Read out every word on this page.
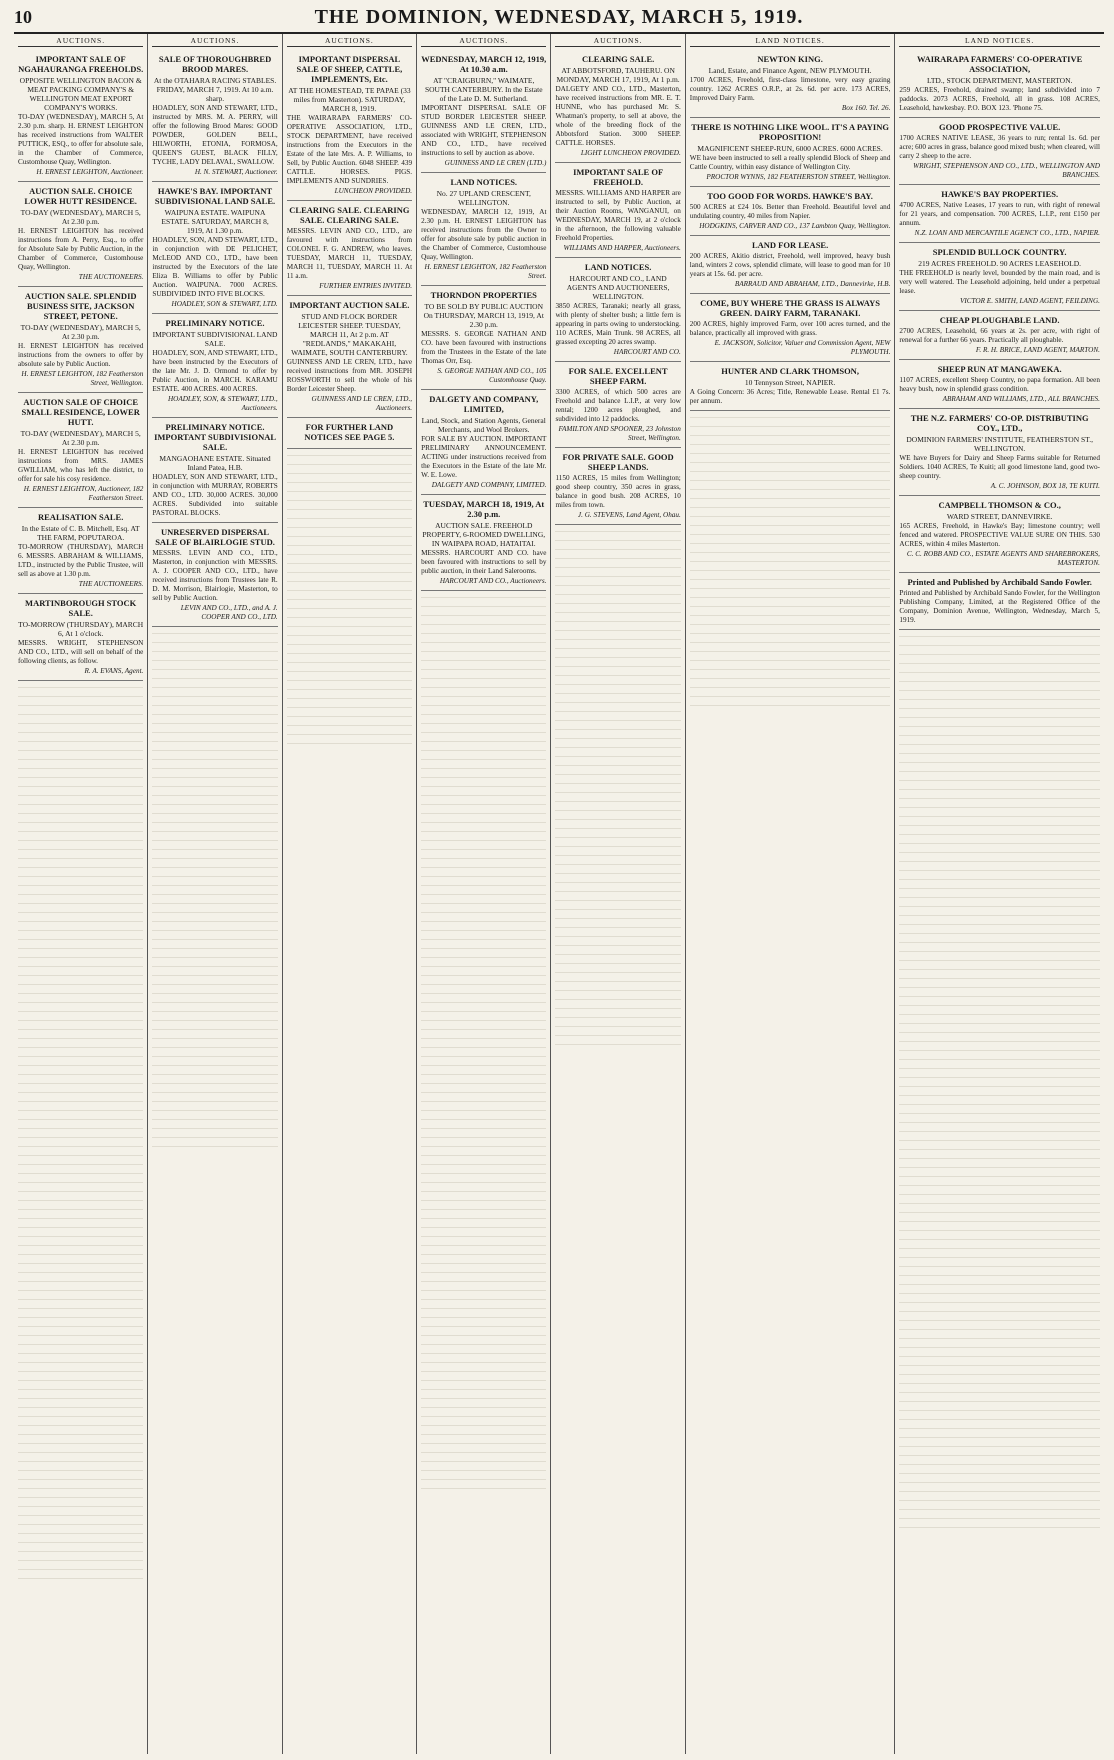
10	THE DOMINION, WEDNESDAY, MARCH 5, 1919.
AUCTIONS.
IMPORTANT SALE OF NGAHAURANGA FREEHOLDS.
OPPOSITE WELLINGTON BACON & MEAT PACKING COMPANY'S & WELLINGTON MEAT EXPORT COMPANY'S WORKS.
TO-DAY (WEDNESDAY), MARCH 5, At 2.30 p.m. sharp. H. ERNEST LEIGHTON has received instructions from WALTER PUTTICK, ESQ., to offer for absolute sale, in the Chamber of Commerce, Customhouse Quay, Wellington.
H. ERNEST LEIGHTON, Auctioneer.
AUCTION SALE. CHOICE LOWER HUTT RESIDENCE.
TO-DAY (WEDNESDAY), MARCH 5, At 2.30 p.m.
H. ERNEST LEIGHTON has received instructions from A. Perry, Esq., to offer for Absolute Sale by Public Auction, in the Chamber of Commerce, Customhouse Quay, Wellington.
THE AUCTIONEERS.
AUCTION SALE. SPLENDID BUSINESS SITE, JACKSON STREET, PETONE.
TO-DAY (WEDNESDAY), MARCH 5, At 2.30 p.m.
H. ERNEST LEIGHTON has received instructions from the owners to offer by absolute sale by Public Auction.
H. ERNEST LEIGHTON, 182 Featherston Street, Wellington.
AUCTION SALE OF CHOICE SMALL RESIDENCE, LOWER HUTT.
TO-DAY (WEDNESDAY), MARCH 5, At 2.30 p.m.
H. ERNEST LEIGHTON has received instructions from MRS. JAMES GWILLIAM, who has left the district, to offer for sale his cosy residence.
H. ERNEST LEIGHTON, Auctioneer, 182 Featherston Street.
REALISATION SALE.
In the Estate of C. B. Mitchell, Esq. AT THE FARM, POPUTAROA.
TO-MORROW (THURSDAY), MARCH 6. MESSRS. ABRAHAM & WILLIAMS, LTD., instructed by the Public Trustee, will sell as above at 1.30 p.m.
THE AUCTIONEERS.
MARTINBOROUGH STOCK SALE.
TO-MORROW (THURSDAY), MARCH 6, At 1 o'clock.
MESSRS. WRIGHT, STEPHENSON AND CO., LTD., will sell on behalf of the following clients, as follow.
R. A. EVANS, Agent.
AUCTIONS.
SALE OF THOROUGHBRED BROOD MARES.
At the OTAHARA RACING STABLES. FRIDAY, MARCH 7, 1919. At 10 a.m. sharp.
HOADLEY, SON AND STEWART, LTD., instructed by MRS. M. A. PERRY, will offer the following Brood Mares: GOOD POWDER, GOLDEN BELL, HILWORTH, ETONIA, FORMOSA, QUEEN'S GUEST, BLACK FILLY, TYCHE, LADY DELAVAL, SWALLOW.
H. N. STEWART, Auctioneer.
HAWKE'S BAY. IMPORTANT SUBDIVISIONAL LAND SALE.
WAIPUNA ESTATE. WAIPUNA ESTATE. SATURDAY, MARCH 8, 1919, At 1.30 p.m.
HOADLEY, SON, AND STEWART, LTD., in conjunction with DE PELICHET, McLEOD AND CO., LTD., have been instructed by the Executors of the late Eliza B. Williams to offer by Public Auction. WAIPUNA. 7000 ACRES. SUBDIVIDED INTO FIVE BLOCKS.
HOADLEY, SON & STEWART, LTD.
PRELIMINARY NOTICE.
IMPORTANT SUBDIVISIONAL LAND SALE.
HOADLEY, SON, AND STEWART, LTD., have been instructed by the Executors of the late Mr. J. D. Ormond to offer by Public Auction, in MARCH. KARAMU ESTATE. 400 ACRES. 400 ACRES.
HOADLEY, SON, & STEWART, LTD., Auctioneers.
PRELIMINARY NOTICE. IMPORTANT SUBDIVISIONAL SALE.
MANGAOHANE ESTATE. Situated Inland Patea, H.B.
HOADLEY, SON AND STEWART, LTD., in conjunction with MURRAY, ROBERTS AND CO., LTD. 30,000 ACRES. 30,000 ACRES. Subdivided into suitable PASTORAL BLOCKS.
UNRESERVED DISPERSAL SALE OF BLAIRLOGIE STUD.
MESSRS. LEVIN AND CO., LTD., Masterton, in conjunction with MESSRS. A. J. COOPER AND CO., LTD., have received instructions from Trustees late R. D. M. Morrison, Blairlogie, Masterton, to sell by Public Auction.
LEVIN AND CO., LTD., and A. J. COOPER AND CO., LTD.
AUCTIONS.
IMPORTANT DISPERSAL SALE OF SHEEP, CATTLE, IMPLEMENTS, Etc.
AT THE HOMESTEAD, TE PAPAE (33 miles from Masterton). SATURDAY, MARCH 8, 1919.
THE WAIRARAPA FARMERS' CO-OPERATIVE ASSOCIATION, LTD., STOCK DEPARTMENT, have received instructions from the Executors in the Estate of the late Mrs. A. P. Williams, to Sell, by Public Auction. 6048 SHEEP. 439 CATTLE. HORSES. PIGS. IMPLEMENTS AND SUNDRIES.
LUNCHEON PROVIDED.
CLEARING SALE. CLEARING SALE. CLEARING SALE.
MESSRS. LEVIN AND CO., LTD., are favoured with instructions from COLONEL F. G. ANDREW, who leaves. TUESDAY, MARCH 11, TUESDAY, MARCH 11, TUESDAY, MARCH 11. At 11 a.m.
FURTHER ENTRIES INVITED.
IMPORTANT AUCTION SALE.
STUD AND FLOCK BORDER LEICESTER SHEEP. TUESDAY, MARCH 11, At 2 p.m. AT "REDLANDS," MAKAKAHI, WAIMATE, SOUTH CANTERBURY.
GUINNESS AND LE CREN, LTD., have received instructions from MR. JOSEPH ROSSWORTH to sell the whole of his Border Leicester Sheep.
GUINNESS AND LE CREN, LTD., Auctioneers.
FOR FURTHER LAND NOTICES SEE PAGE 5.
AUCTIONS.
WEDNESDAY, MARCH 12, 1919, At 10.30 a.m.
AT "CRAIGBURN," WAIMATE, SOUTH CANTERBURY. In the Estate of the Late D. M. Sutherland.
IMPORTANT DISPERSAL SALE OF STUD BORDER LEICESTER SHEEP. GUINNESS AND LE CREN, LTD., associated with WRIGHT, STEPHENSON AND CO., LTD., have received instructions to sell by auction as above.
GUINNESS AND LE CREN (LTD.)
LAND NOTICES.
No. 27 UPLAND CRESCENT, WELLINGTON.
WEDNESDAY, MARCH 12, 1919, At 2.30 p.m. H. ERNEST LEIGHTON has received instructions from the Owner to offer for absolute sale by public auction in the Chamber of Commerce, Customhouse Quay, Wellington.
H. ERNEST LEIGHTON, 182 Featherston Street.
THORNDON PROPERTIES
TO BE SOLD BY PUBLIC AUCTION On THURSDAY, MARCH 13, 1919, At 2.30 p.m.
MESSRS. S. GEORGE NATHAN AND CO. have been favoured with instructions from the Trustees in the Estate of the late Thomas Orr, Esq.
S. GEORGE NATHAN AND CO., 105 Customhouse Quay.
DALGETY AND COMPANY, LIMITED,
Land, Stock, and Station Agents, General Merchants, and Wool Brokers.
FOR SALE BY AUCTION. IMPORTANT PRELIMINARY ANNOUNCEMENT. ACTING under instructions received from the Executors in the Estate of the late Mr. W. E. Lowe.
DALGETY AND COMPANY, LIMITED.
TUESDAY, MARCH 18, 1919, At 2.30 p.m.
AUCTION SALE. FREEHOLD PROPERTY, 6-ROOMED DWELLING, IN WAIPAPA ROAD, HATAITAI.
MESSRS. HARCOURT AND CO. have been favoured with instructions to sell by public auction, in their Land Salerooms.
HARCOURT AND CO., Auctioneers.
AUCTIONS.
CLEARING SALE.
AT ABBOTSFORD, TAUHERU. ON MONDAY, MARCH 17, 1919, At 1 p.m.
DALGETY AND CO., LTD., Masterton, have received instructions from MR. E. T. HUNNE, who has purchased Mr. S. Whatman's property, to sell at above, the whole of the breeding flock of the Abbotsford Station. 3000 SHEEP. CATTLE. HORSES.
LIGHT LUNCHEON PROVIDED.
IMPORTANT SALE OF FREEHOLD.
MESSRS. WILLIAMS AND HARPER are instructed to sell, by Public Auction, at their Auction Rooms, WANGANUI, on WEDNESDAY, MARCH 19, at 2 o'clock in the afternoon, the following valuable Freehold Properties.
WILLIAMS AND HARPER, Auctioneers.
LAND NOTICES.
HARCOURT AND CO., LAND AGENTS AND AUCTIONEERS, WELLINGTON.
3850 ACRES, Taranaki; nearly all grass, with plenty of shelter bush; a little fern is appearing in parts owing to understocking. 110 ACRES, Main Trunk. 98 ACRES, all grassed excepting 20 acres swamp.
HARCOURT AND CO.
FOR SALE. EXCELLENT SHEEP FARM.
3300 ACRES, of which 500 acres are Freehold and balance L.I.P., at very low rental; 1200 acres ploughed, and subdivided into 12 paddocks.
FAMILTON AND SPOONER, 23 Johnston Street, Wellington.
FOR PRIVATE SALE. GOOD SHEEP LANDS.
1150 ACRES, 15 miles from Wellington; good sheep country, 350 acres in grass, balance in good bush. 208 ACRES, 10 miles from town.
J. G. STEVENS, Land Agent, Ohau.
LAND NOTICES.
NEWTON KING.
Land, Estate, and Finance Agent, NEW PLYMOUTH.
1700 ACRES, Freehold, first-class limestone, very easy grazing country. 1262 ACRES O.R.P., at 2s. 6d. per acre. 173 ACRES, Improved Dairy Farm.
Box 160. Tel. 26.
THERE IS NOTHING LIKE WOOL. IT'S A PAYING PROPOSITION!
MAGNIFICENT SHEEP-RUN, 6000 ACRES. 6000 ACRES.
WE have been instructed to sell a really splendid Block of Sheep and Cattle Country, within easy distance of Wellington City.
PROCTOR WYNNS, 182 FEATHERSTON STREET, Wellington.
TOO GOOD FOR WORDS. HAWKE'S BAY.
500 ACRES at £24 10s. Better than Freehold. Beautiful level and undulating country, 40 miles from Napier.
HODGKINS, CARVER AND CO., 137 Lambton Quay, Wellington.
LAND FOR LEASE.
200 ACRES, Akitio district, Freehold, well improved, heavy bush land, winters 2 cows, splendid climate, will lease to good man for 10 years at 15s. 6d. per acre.
BARRAUD AND ABRAHAM, LTD., Dannevirke, H.B.
COME, BUY WHERE THE GRASS IS ALWAYS GREEN. DAIRY FARM, TARANAKI.
200 ACRES, highly improved Farm, over 100 acres turned, and the balance, practically all improved with grass.
E. JACKSON, Solicitor, Valuer and Commission Agent, NEW PLYMOUTH.
HUNTER AND CLARK THOMSON,
10 Tennyson Street, NAPIER.
A Going Concern: 36 Acres; Title, Renewable Lease. Rental £1 7s. per annum.
LAND NOTICES.
WAIRARAPA FARMERS' CO-OPERATIVE ASSOCIATION,
LTD., STOCK DEPARTMENT, MASTERTON.
259 ACRES, Freehold, drained swamp; land subdivided into 7 paddocks. 2073 ACRES, Freehold, all in grass. 108 ACRES, Leasehold, hawkesbay. P.O. BOX 123. 'Phone 75.
GOOD PROSPECTIVE VALUE.
1700 ACRES NATIVE LEASE, 36 years to run; rental 1s. 6d. per acre; 600 acres in grass, balance good mixed bush; when cleared, will carry 2 sheep to the acre.
WRIGHT, STEPHENSON AND CO., LTD., WELLINGTON AND BRANCHES.
HAWKE'S BAY PROPERTIES.
4700 ACRES, Native Leases, 17 years to run, with right of renewal for 21 years, and compensation. 700 ACRES, L.I.P., rent £150 per annum.
N.Z. LOAN AND MERCANTILE AGENCY CO., LTD., NAPIER.
SPLENDID BULLOCK COUNTRY.
219 ACRES FREEHOLD. 90 ACRES LEASEHOLD.
THE FREEHOLD is nearly level, bounded by the main road, and is very well watered. The Leasehold adjoining, held under a perpetual lease.
VICTOR E. SMITH, LAND AGENT, FEILDING.
CHEAP PLOUGHABLE LAND.
2700 ACRES, Leasehold, 66 years at 2s. per acre, with right of renewal for a further 66 years. Practically all ploughable.
F. R. H. BRICE, LAND AGENT, MARTON.
SHEEP RUN AT MANGAWEKA.
1107 ACRES, excellent Sheep Country, no papa formation. All been heavy bush, now in splendid grass condition.
ABRAHAM AND WILLIAMS, LTD., ALL BRANCHES.
THE N.Z. FARMERS' CO-OP. DISTRIBUTING COY., LTD.,
DOMINION FARMERS' INSTITUTE, FEATHERSTON ST., WELLINGTON.
WE have Buyers for Dairy and Sheep Farms suitable for Returned Soldiers. 1040 ACRES, Te Kuiti; all good limestone land, good two-sheep country.
A. C. JOHNSON, BOX 18, TE KUITI.
CAMPBELL THOMSON & CO.,
WARD STREET, DANNEVIRKE.
165 ACRES, Freehold, in Hawke's Bay; limestone country; well fenced and watered. PROSPECTIVE VALUE SURE ON THIS. 530 ACRES, within 4 miles Masterton.
C. C. ROBB AND CO., ESTATE AGENTS AND SHAREBROKERS, MASTERTON.
Printed and Published by Archibald Sando Fowler.
Printed and Published by Archibald Sando Fowler, for the Wellington Publishing Company, Limited, at the Registered Office of the Company, Dominion Avenue, Wellington, Wednesday, March 5, 1919.
